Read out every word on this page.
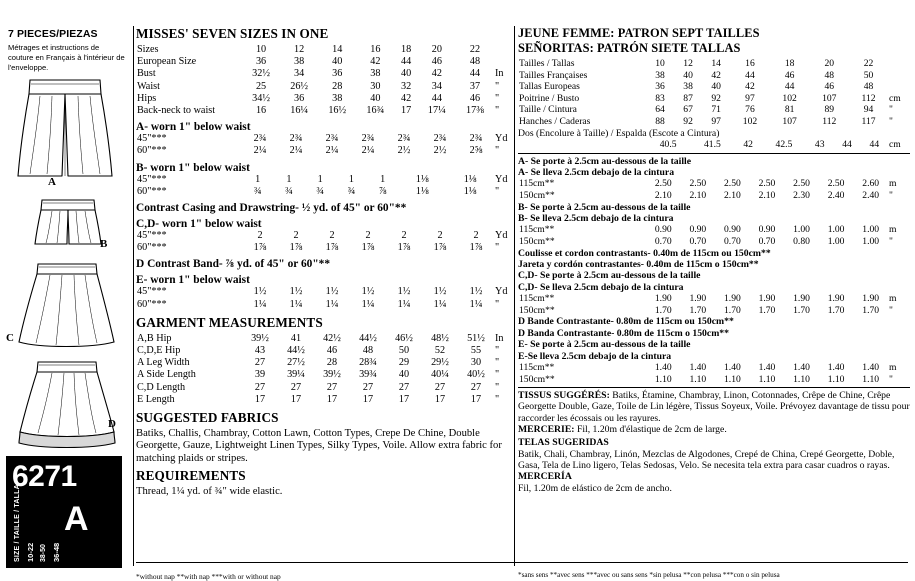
7 PIECES/PIEZAS
Métrages et instructions de couture en Français à l'intérieur de l'enveloppe.
A
B
C
D
6271
SIZE / TAILLE / TALLA 10-22 38-50 36-48
A
MISSES' SEVEN SIZES IN ONE
Sizes	10	12	14	16	18	20	22	
European Size	36	38	40	42	44	46	48	
Bust	32½	34	36	38	40	42	44	In
Waist	25	26½	28	30	32	34	37	"
Hips	34½	36	38	40	42	44	46	"
Back-neck to waist	16	16¼	16½	16¾	17	17¼	17⅜	"
A- worn 1" below waist
45"***	2¾	2¾	2¾	2¾	2¾	2¾	2¾	Yd
60"***	2¼	2¼	2¼	2¼	2½	2½	2⅝	"
B- worn 1" below waist
45"***	1	1	1	1	1	1⅛	1⅛	Yd
60"***	¾	¾	¾	¾	⅞	1⅛	1⅛	"
Contrast Casing and Drawstring- ½ yd. of 45" or 60"**
C,D- worn 1" below waist
45"***	2	2	2	2	2	2	2	Yd
60"***	1⅞	1⅞	1⅞	1⅞	1⅞	1⅞	1⅞	"
D Contrast Band- ⅞ yd. of 45" or 60"**
E- worn 1" below waist
45"***	1½	1½	1½	1½	1½	1½	1½	Yd
60"***	1¼	1¼	1¼	1¼	1¼	1¼	1¼	"
GARMENT MEASUREMENTS
A,B Hip	39½	41	42½	44½	46½	48½	51½	In
C,D,E Hip	43	44½	46	48	50	52	55	"
A Leg Width	27	27½	28	28¾	29	29½	30	"
A Side Length	39	39¼	39½	39¾	40	40¼	40½	"
C,D Length	27	27	27	27	27	27	27	"
E Length	17	17	17	17	17	17	17	"
SUGGESTED FABRICS

Batiks, Challis, Chambray, Cotton Lawn, Cotton Types, Crepe De Chine, Double Georgette, Gauze, Lightweight Linen Types, Silky Types, Voile. Allow extra fabric for matching plaids or stripes.

REQUIREMENTS

Thread, 1¼ yd. of ¾" wide elastic.

JEUNE FEMME: PATRON SEPT TAILLES
SEÑORITAS: PATRÓN SIETE TALLAS
Tailles / Tallas	10	12	14	16	18	20	22	
Tailles Françaises	38	40	42	44	46	48	50	
Tallas Europeas	36	38	40	42	44	46	48	
Poitrine / Busto	83	87	92	97	102	107	112	cm
Taille / Cintura	64	67	71	76	81	89	94	"
Hanches / Caderas	88	92	97	102	107	112	117	"
Dos (Encolure à Taille) / Espalda (Escote a Cintura)
	40.5	41.5	42	42.5	43	44	44	cm
A- Se porte à 2.5cm au-dessous de la taille
A- Se lleva 2.5cm debajo de la cintura
115cm**	2.50	2.50	2.50	2.50	2.50	2.50	2.60	m
150cm**	2.10	2.10	2.10	2.10	2.30	2.40	2.40	"
B- Se porte à 2.5cm au-dessous de la taille
B- Se lleva 2.5cm debajo de la cintura
115cm**	0.90	0.90	0.90	0.90	1.00	1.00	1.00	m
150cm**	0.70	0.70	0.70	0.70	0.80	1.00	1.00	"
Coulisse et cordon contrastants- 0.40m de 115cm ou 150cm**
Jareta y cordón contrastantes- 0.40m de 115cm o 150cm**
C,D- Se porte à 2.5cm au-dessous de la taille
C,D- Se lleva 2.5cm debajo de la cintura
115cm**	1.90	1.90	1.90	1.90	1.90	1.90	1.90	m
150cm**	1.70	1.70	1.70	1.70	1.70	1.70	1.70	"
D Bande Contrastante- 0.80m de 115cm ou 150cm**
D Banda Contrastante- 0.80m de 115cm o 150cm**
E- Se porte à 2.5cm au-dessous de la taille
E-Se lleva 2.5cm debajo de la cintura
115cm**	1.40	1.40	1.40	1.40	1.40	1.40	1.40	m
150cm**	1.10	1.10	1.10	1.10	1.10	1.10	1.10	"

TISSUS SUGGÉRÉS: Batiks, Étamine, Chambray, Linon, Cotonnades, Crêpe de Chine, Crêpe Georgette Double, Gaze, Toile de Lin légère, Tissus Soyeux, Voile. Prévoyez davantage de tissu pour raccorder les écossais ou les rayures.

MERCERIE: Fil, 1.20m d'élastique de 2cm de large.

TELAS SUGERIDAS
Batik, Chali, Chambray, Linón, Mezclas de Algodones, Crepé de China, Crepé Georgette, Doble, Gasa, Tela de Lino ligero, Telas Sedosas, Velo. Se necesita tela extra para casar cuadros o rayas.

MERCERÍA
Fil, 1.20m de elástico de 2cm de ancho.

*without nap **with nap ***with or without nap	*sans sens **avec sens ***avec ou sans sens *sin pelusa **con pelusa ***con o sin pelusa
